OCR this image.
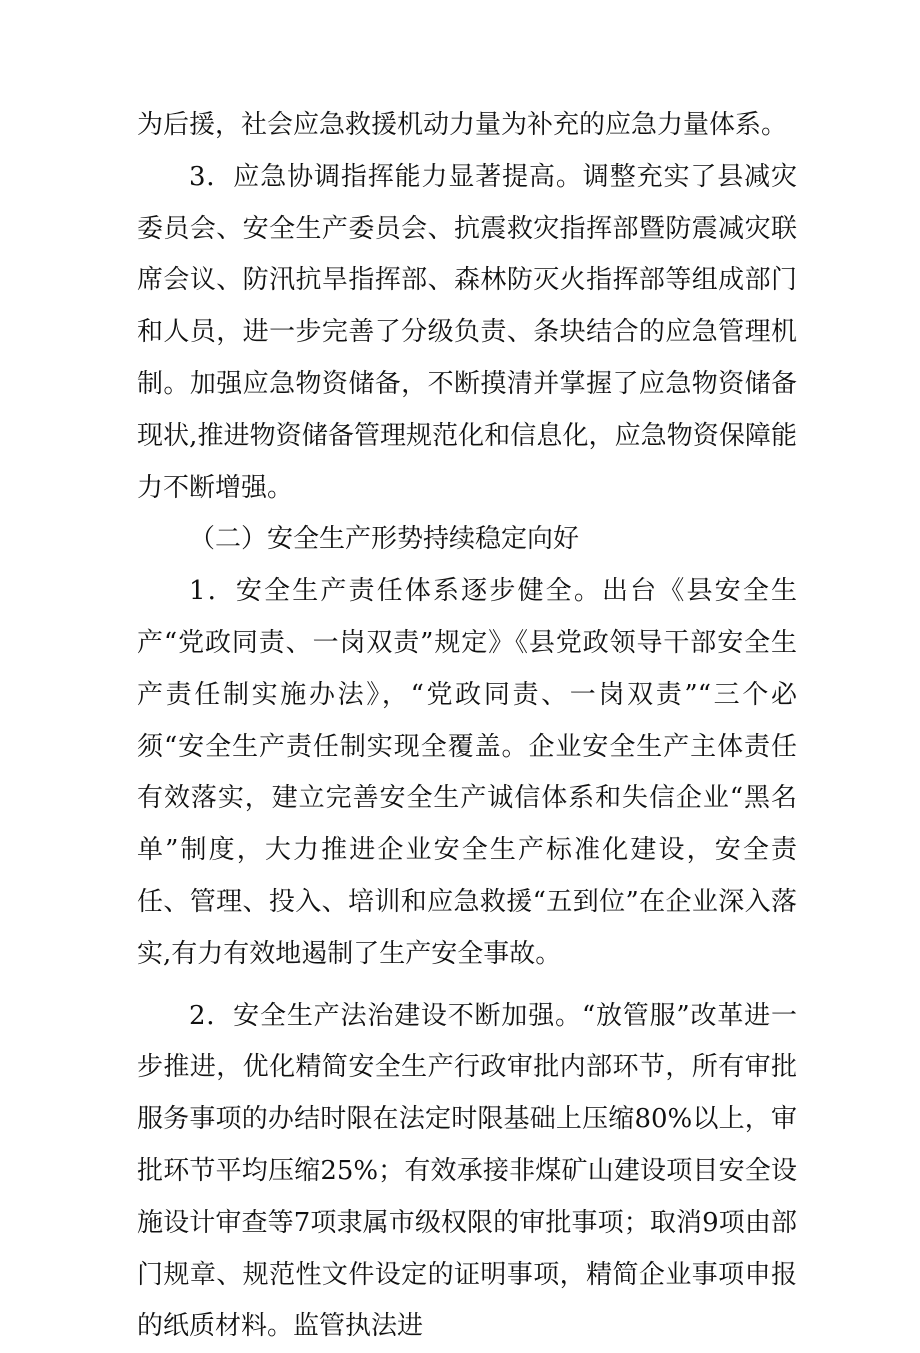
为后援，社会应急救援机动力量为补充的应急力量体系。

3．应急协调指挥能力显著提高。调整充实了县减灾委员会、安全生产委员会、抗震救灾指挥部暨防震减灾联席会议、防汛抗旱指挥部、森林防灭火指挥部等组成部门和人员，进一步完善了分级负责、条块结合的应急管理机制。加强应急物资储备，不断摸清并掌握了应急物资储备现状,推进物资储备管理规范化和信息化，应急物资保障能力不断增强。

（二）安全生产形势持续稳定向好

1．安全生产责任体系逐步健全。出台《县安全生产“党政同责、一岗双责”规定》《县党政领导干部安全生产责任制实施办法》，“党政同责、一岗双责”“三个必须“安全生产责任制实现全覆盖。企业安全生产主体责任有效落实，建立完善安全生产诚信体系和失信企业“黑名单”制度，大力推进企业安全生产标准化建设，安全责任、管理、投入、培训和应急救援“五到位”在企业深入落实,有力有效地遏制了生产安全事故。

2．安全生产法治建设不断加强。“放管服”改革进一步推进，优化精简安全生产行政审批内部环节，所有审批服务事项的办结时限在法定时限基础上压缩80%以上，审批环节平均压缩25%；有效承接非煤矿山建设项目安全设施设计审查等7项隶属市级权限的审批事项；取消9项由部门规章、规范性文件设定的证明事项，精简企业事项申报的纸质材料。监管执法进
